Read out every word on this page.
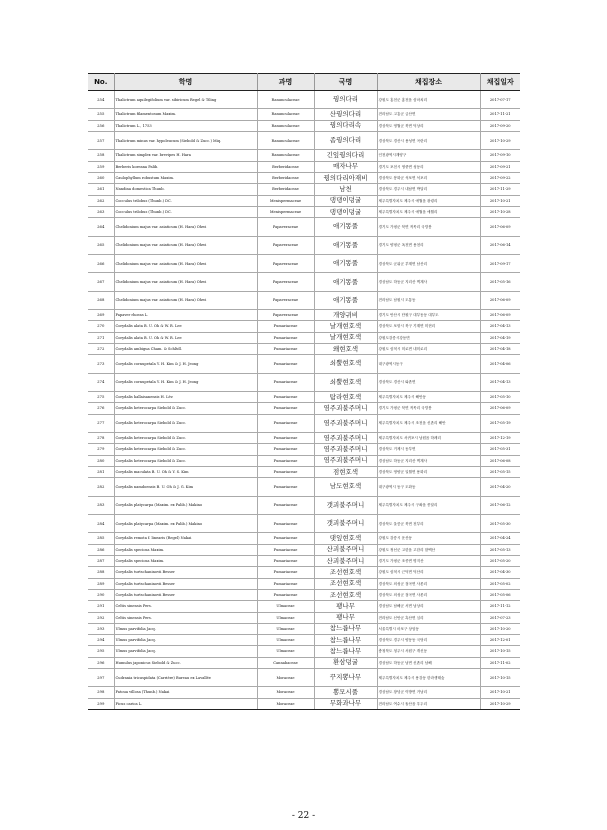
No.	학명	과명	국명	채집장소	채집일자
254	Thalictrum aquilegifolium var. sibiricum Regel & Tiling	Ranunculaceae	꿩의다리	강원도 홍천군 홍천읍 삼마치리	2017-07-17
255	Thalictrum filamentosum Maxim.	Ranunculaceae	산꿩의다리	전라남도 고흥군 금산면	2017-11-21
256	Thalictrum L., 1753	Ranunculaceae	꿩의다리속	경상북도 영월군 북면 덕상리	2017-09-20
257	Thalictrum minus var. hypoleucum (Siebold & Zucc.) Miq.	Ranunculaceae	좀꿩의다리	경상북도 경산시 용성면 곡란리	2017-10-29
258	Thalictrum simplex var. brevipes H. Hara	Ranunculaceae	긴잎꿩의다리	인천광역시계양구	2017-09-10
259	Berberis koreana Palib.	Berberidaceae	매자나무	경기도 포천시 영중면 성동리	2017-09-21
260	Caulophyllum robustum Maxim.	Berberidaceae	꿩의다리아재비	경상북도 봉화군 석포면 석포리	2017-09-22
261	Nandina domestica Thunb.	Berberidaceae	남천	경상북도 경주시 내남면 박달리	2017-11-29
262	Cocculus trilobus (Thunb.) DC.	Menispermaceae	댕댕이덩굴	제주특별자치도 제주시 애월읍 광령리	2017-10-21
263	Cocculus trilobus (Thunb.) DC.	Menispermaceae	댕댕이덩굴	제주특별자치도 제주시 애월읍 애월리	2017-10-28
264	Chelidonium majus var. asiaticum (H. Hara) Ohwi	Papaveraceae	애기똥풀	경기도 가평군 북면 적목리 국망봉	2017-06-09
265	Chelidonium majus var. asiaticum (H. Hara) Ohwi	Papaveraceae	애기똥풀	경기도 양평군 옥천면 용천리	2017-06-14
266	Chelidonium majus var. asiaticum (H. Hara) Ohwi	Papaveraceae	애기똥풀	경상북도 군위군 부계면 남산리	2017-09-17
267	Chelidonium majus var. asiaticum (H. Hara) Ohwi	Papaveraceae	애기똥풀	경상남도 하동군 지리산 벽계사	2017-05-16
268	Chelidonium majus var. asiaticum (H. Hara) Ohwi	Papaveraceae	애기똥풀	전라남도 남원시 도통동	2017-06-09
269	Papaver rhoeas L.	Papaveraceae	개양귀비	경기도 안산시 단원구 대부동동 대부도	2017-06-09
270	Corydalis alata B. U. Oh & W. R. Lee	Fumariaceae	날개현호색	경상북도 포항시 북구 기계면 미현리	2017-04-13
271	Corydalis alata B. U. Oh & W. R. Lee	Fumariaceae	날개현호색	강원도강릉시강동면	2017-04-19
272	Corydalis ambigua Cham. & Schltdl.	Fumariaceae	왜현호색	강원도 삼척시 미로면 내미로리	2017-04-18
273	Corydalis cornupetala Y. H. Kim & J. H. Jeong	Fumariaceae	쇠뿔현호색	대구광역시동구	2017-04-06
274	Corydalis cornupetala Y. H. Kim & J. H. Jeong	Fumariaceae	쇠뿔현호색	경상북도 경산시 와촌면	2017-04-13
275	Corydalis hallaisanensis H. Lév.	Fumariaceae	탐라현호색	제주특별자치도 제주시 해안동	2017-05-10
276	Corydalis heterocarpa Siebold & Zucc.	Fumariaceae	염주괴불주머니	경기도 가평군 북면 적목리 국망봉	2017-06-09
277	Corydalis heterocarpa Siebold & Zucc.	Fumariaceae	염주괴불주머니	제주특별자치도 제주시 조천읍 신촌리 해안	2017-05-19
278	Corydalis heterocarpa Siebold & Zucc.	Fumariaceae	염주괴불주머니	제주특별자치도 서귀포시 남원읍 하례리	2017-12-19
279	Corydalis heterocarpa Siebold & Zucc.	Fumariaceae	염주괴불주머니	경상북도 거제시 동부면	2017-05-31
280	Corydalis heterocarpa Siebold & Zucc.	Fumariaceae	염주괴불주머니	경상남도 하동군 지리산 벽계사	2017-06-08
281	Corydalis maculata B. U. Oh & Y. S. Kim	Fumariaceae	점현호색	경상북도 영양군 일월면 용화리	2017-05-15
282	Corydalis namdoensis B. U. Oh & J. G. Kim	Fumariaceae	남도현호색	대구광역시 동구 도화동	2017-04-20
283	Corydalis platycarpa (Maxim. ex Palib.) Makino	Fumariaceae	갯괴불주머니	제주특별자치도 제주시 구좌읍 종달리	2017-06-12
284	Corydalis platycarpa (Maxim. ex Palib.) Makino	Fumariaceae	갯괴불주머니	경상북도 울릉군 북면 천부리	2017-05-30
285	Corydalis remota f. linearis (Regel) Nakai	Fumariaceae	댓잎현호색	강원도 강릉시 운산동	2017-04-24
286	Corydalis speciosa Maxim.	Fumariaceae	산괴불주머니	강원도 정선군 고한읍 고한리 함백산	2017-05-13
287	Corydalis speciosa Maxim.	Fumariaceae	산괴불주머니	경기도 가평군 조종면 명지산	2017-05-20
288	Corydalis turtschaninovii Besser	Fumariaceae	조선현호색	강원도 삼척시 근덕면 덕산리	2017-04-30
289	Corydalis turtschaninovii Besser	Fumariaceae	조선현호색	경상북도 의성군 점곡면 사촌리	2017-05-02
290	Corydalis turtschaninovii Besser	Fumariaceae	조선현호색	경상북도 의성군 점곡면 사촌리	2017-05-06
291	Celtis sinensis Pers.	Ulmaceae	팽나무	경상남도 남해군 서면 남상리	2017-11-12
292	Celtis sinensis Pers.	Ulmaceae	팽나무	전라남도 신안군 흑산면 심리	2017-07-23
293	Ulmus parvifolia Jacq.	Ulmaceae	참느릅나무	서울특별시 마포구 상암동	2017-10-20
294	Ulmus parvifolia Jacq.	Ulmaceae	참느릅나무	경상북도 경주시 양동동 국당리	2017-12-01
295	Ulmus parvifolia Jacq.	Ulmaceae	참느릅나무	충청북도 청주시 서원구 개신동	2017-10-15
296	Humulus japonicus Siebold & Zucc.	Cannabaceae	환삼덩굴	경상남도 하동군 남면 신촌리 남해	2017-11-02
297	Cudrania tricuspidata (Carrière) Bureau ex Lavallée	Moraceae	꾸지뽕나무	제주특별자치도 제주시 용강동 한라생태숲	2017-10-15
298	Fatoua villosa (Thunb.) Nakai	Moraceae	뽕모시풀	경상남도 창녕군 이방면 거남리	2017-10-21
299	Ficus carica L.	Moraceae	무화과나무	전라남도 여수시 돌산읍 우두리	2017-10-29
- 22 -
